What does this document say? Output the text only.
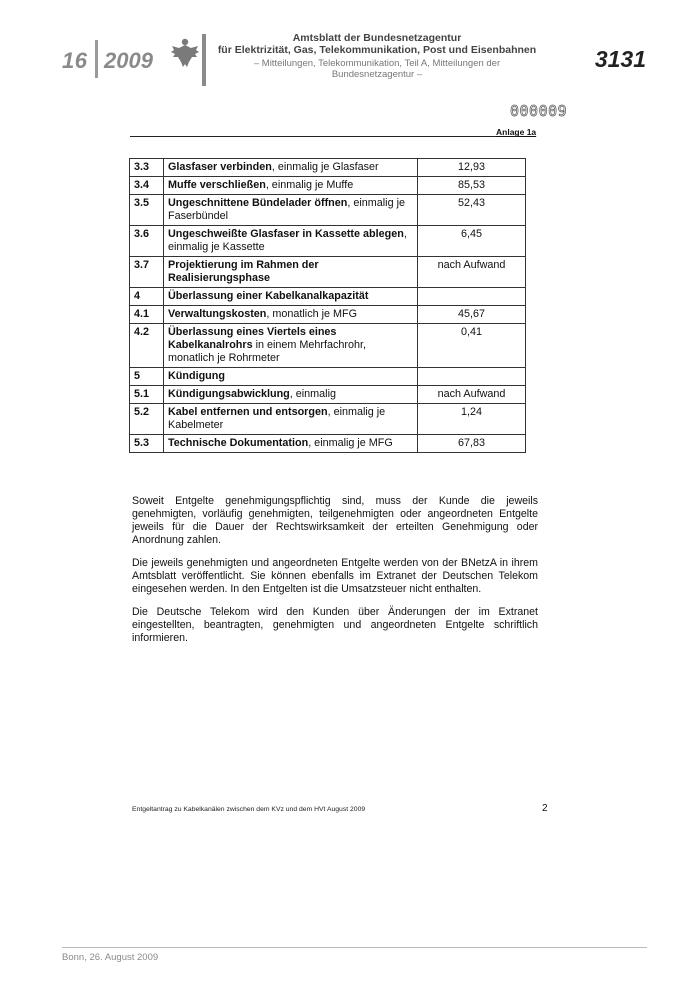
16 2009
Amtsblatt der Bundesnetzagentur
für Elektrizität, Gas, Telekommunikation, Post und Eisenbahnen
– Mitteilungen, Telekommunikation, Teil A, Mitteilungen der Bundesnetzagentur –
3131
000009
Anlage 1a
3.3	Glasfaser verbinden, einmalig je Glasfaser	12,93
3.4	Muffe verschließen, einmalig je Muffe	85,53
3.5	Ungeschnittene Bündelader öffnen, einmalig je Faserbündel	52,43
3.6	Ungeschweißte Glasfaser in Kassette ablegen, einmalig je Kassette	6,45
3.7	Projektierung im Rahmen der Realisierungsphase	nach Aufwand
4	Überlassung einer Kabelkanalkapazität	
4.1	Verwaltungskosten, monatlich je MFG	45,67
4.2	Überlassung eines Viertels eines Kabelkanalrohrs in einem Mehrfachrohr, monatlich je Rohrmeter	0,41
5	Kündigung	
5.1	Kündigungsabwicklung, einmalig	nach Aufwand
5.2	Kabel entfernen und entsorgen, einmalig je Kabelmeter	1,24
5.3	Technische Dokumentation, einmalig je MFG	67,83
Soweit Entgelte genehmigungspflichtig sind, muss der Kunde die jeweils genehmigten, vorläufig genehmigten, teilgenehmigten oder angeordneten Entgelte jeweils für die Dauer der Rechtswirksamkeit der erteilten Genehmigung oder Anordnung zahlen.
Die jeweils genehmigten und angeordneten Entgelte werden von der BNetzA in ihrem Amtsblatt veröffentlicht. Sie können ebenfalls im Extranet der Deutschen Telekom eingesehen werden. In den Entgelten ist die Umsatzsteuer nicht enthalten.
Die Deutsche Telekom wird den Kunden über Änderungen der im Extranet eingestellten, beantragten, genehmigten und angeordneten Entgelte schriftlich informieren.
Entgeltantrag zu Kabelkanälen zwischen dem KVz und dem HVt August 2009	2
Bonn, 26. August 2009
